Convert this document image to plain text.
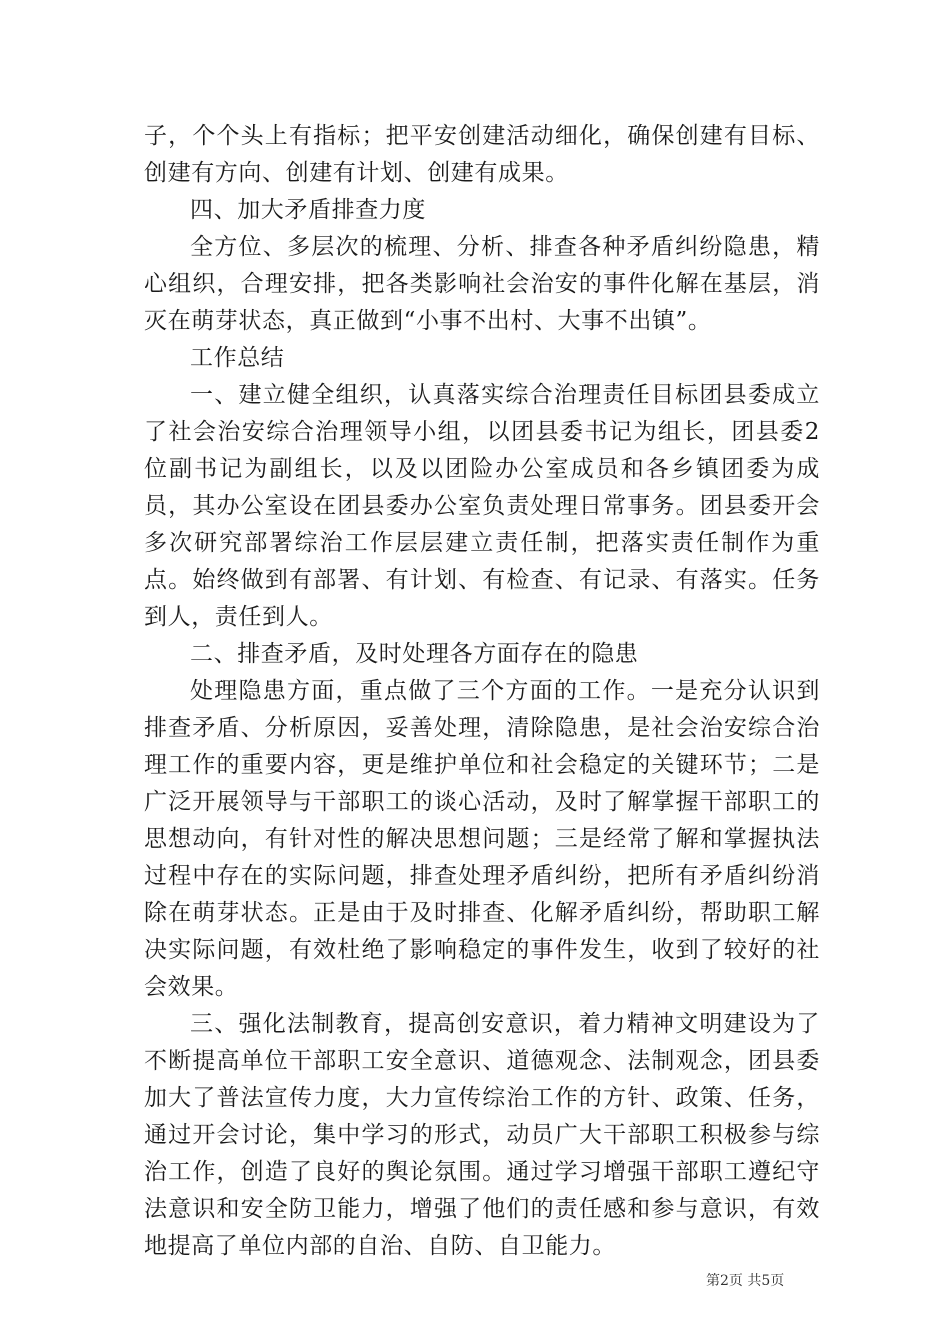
子，个个头上有指标；把平安创建活动细化，确保创建有目标、创建有方向、创建有计划、创建有成果。

四、加大矛盾排查力度

全方位、多层次的梳理、分析、排查各种矛盾纠纷隐患，精心组织，合理安排，把各类影响社会治安的事件化解在基层，消灭在萌芽状态，真正做到“小事不出村、大事不出镇”。

工作总结

一、建立健全组织，认真落实综合治理责任目标团县委成立了社会治安综合治理领导小组，以团县委书记为组长，团县委2位副书记为副组长，以及以团险办公室成员和各乡镇团委为成员，其办公室设在团县委办公室负责处理日常事务。团县委开会多次研究部署综治工作层层建立责任制，把落实责任制作为重点。始终做到有部署、有计划、有检查、有记录、有落实。任务到人，责任到人。

二、排查矛盾，及时处理各方面存在的隐患

处理隐患方面，重点做了三个方面的工作。一是充分认识到排查矛盾、分析原因，妥善处理，清除隐患，是社会治安综合治理工作的重要内容，更是维护单位和社会稳定的关键环节；二是广泛开展领导与干部职工的谈心活动，及时了解掌握干部职工的思想动向，有针对性的解决思想问题；三是经常了解和掌握执法过程中存在的实际问题，排查处理矛盾纠纷，把所有矛盾纠纷消除在萌芽状态。正是由于及时排查、化解矛盾纠纷，帮助职工解决实际问题，有效杜绝了影响稳定的事件发生，收到了较好的社会效果。

三、强化法制教育，提高创安意识，着力精神文明建设为了不断提高单位干部职工安全意识、道德观念、法制观念，团县委加大了普法宣传力度，大力宣传综治工作的方针、政策、任务，通过开会讨论，集中学习的形式，动员广大干部职工积极参与综治工作，创造了良好的舆论氛围。通过学习增强干部职工遵纪守法意识和安全防卫能力，增强了他们的责任感和参与意识，有效地提高了单位内部的自治、自防、自卫能力。

第2页 共5页
